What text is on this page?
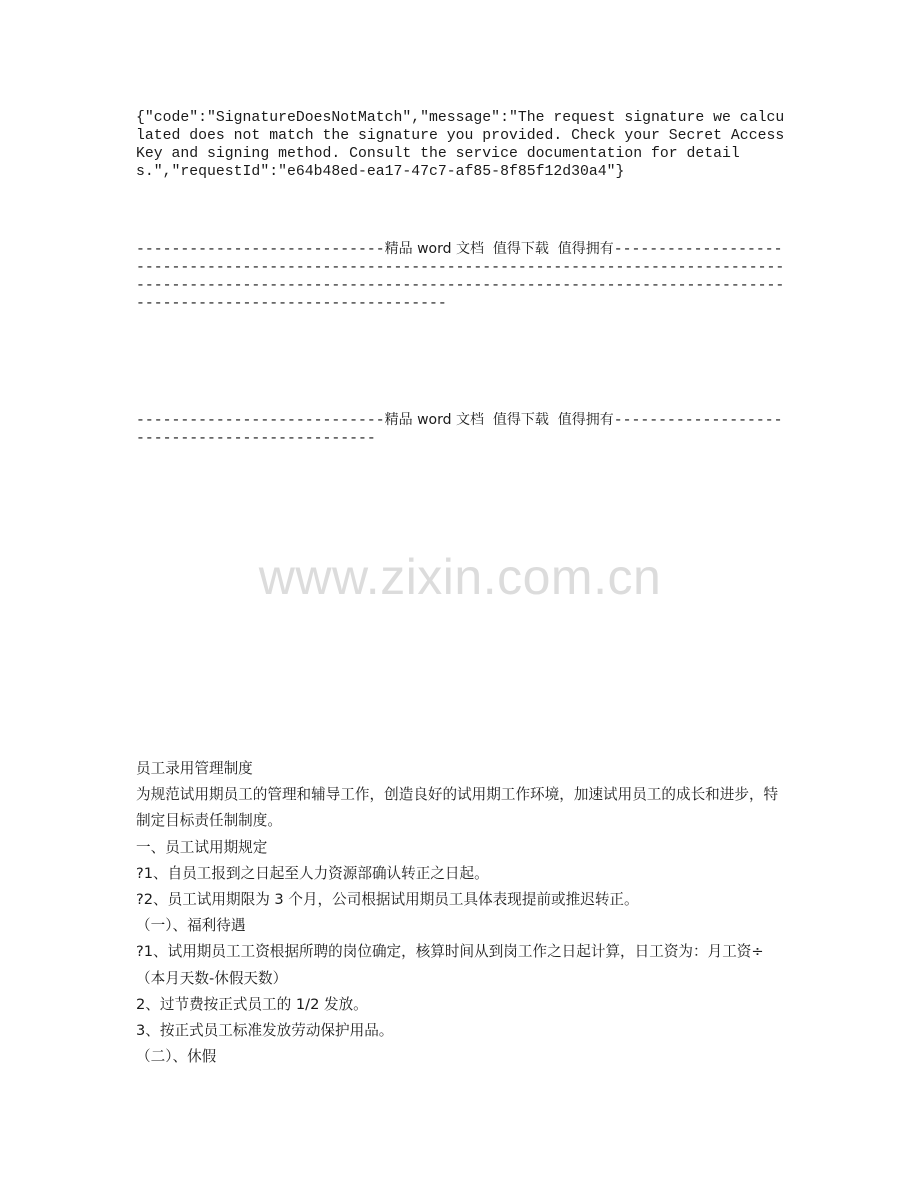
{"code":"SignatureDoesNotMatch","message":"The request signature we calculated does not match the signature you provided. Check your Secret Access Key and signing method. Consult the service documentation for details.","requestId":"e64b48ed-ea17-47c7-af85-8f85f12d30a4"}
----------------------------精品 word 文档  值得下载  值得拥有--------------------------------------------------------------------------------------------------------------------------------------------------------------------------------------------------------
----------------------------精品 word 文档  值得下载  值得拥有----------------------------------------------

www.zixin.com.cn

员工录用管理制度

为规范试用期员工的管理和辅导工作，创造良好的试用期工作环境，加速试用员工的成长和进步，特制定目标责任制制度。

一、员工试用期规定

?1、自员工报到之日起至人力资源部确认转正之日起。

?2、员工试用期限为 3 个月，公司根据试用期员工具体表现提前或推迟转正。

（一）、福利待遇

?1、试用期员工工资根据所聘的岗位确定，核算时间从到岗工作之日起计算，日工资为：月工资÷（本月天数-休假天数）

2、过节费按正式员工的 1/2 发放。

3、按正式员工标准发放劳动保护用品。

（二）、休假
